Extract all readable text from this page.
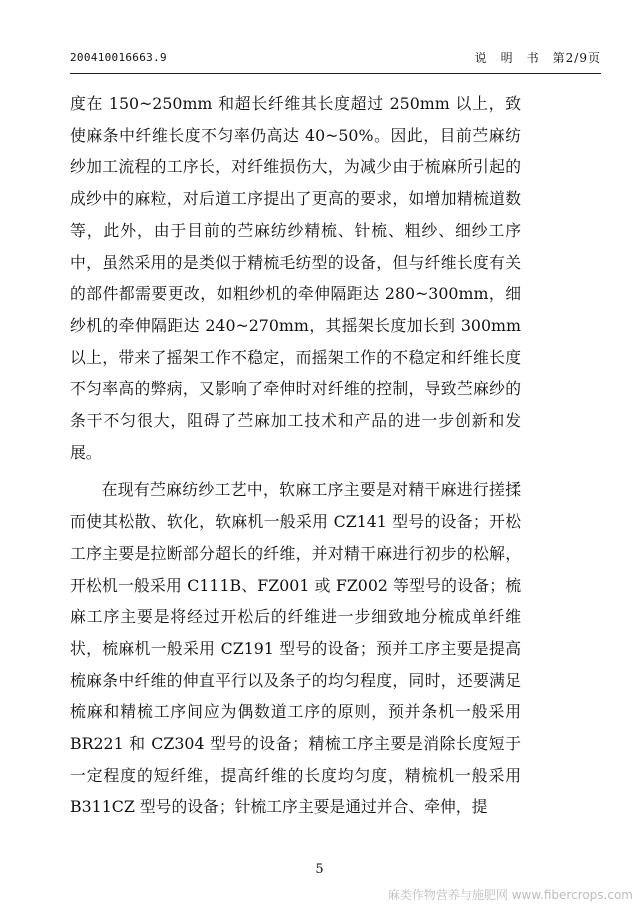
200410016663.9	说　明　书　第2/9页

度在 150~250mm 和超长纤维其长度超过 250mm 以上，致使麻条中纤维长度不匀率仍高达 40~50%。因此，目前苎麻纺纱加工流程的工序长，对纤维损伤大，为减少由于梳麻所引起的成纱中的麻粒，对后道工序提出了更高的要求，如增加精梳道数等，此外，由于目前的苎麻纺纱精梳、针梳、粗纱、细纱工序中，虽然采用的是类似于精梳毛纺型的设备，但与纤维长度有关的部件都需要更改，如粗纱机的牵伸隔距达 280~300mm，细纱机的牵伸隔距达 240~270mm，其摇架长度加长到 300mm 以上，带来了摇架工作不稳定，而摇架工作的不稳定和纤维长度不匀率高的弊病，又影响了牵伸时对纤维的控制，导致苎麻纱的条干不匀很大，阻碍了苎麻加工技术和产品的进一步创新和发展。

在现有苎麻纺纱工艺中，软麻工序主要是对精干麻进行搓揉而使其松散、软化，软麻机一般采用 CZ141 型号的设备；开松工序主要是拉断部分超长的纤维，并对精干麻进行初步的松解，开松机一般采用 C111B、FZ001 或 FZ002 等型号的设备；梳麻工序主要是将经过开松后的纤维进一步细致地分梳成单纤维状，梳麻机一般采用 CZ191 型号的设备；预并工序主要是提高梳麻条中纤维的伸直平行以及条子的均匀程度，同时，还要满足梳麻和精梳工序间应为偶数道工序的原则，预并条机一般采用 BR221 和 CZ304 型号的设备；精梳工序主要是消除长度短于一定程度的短纤维，提高纤维的长度均匀度，精梳机一般采用 B311CZ 型号的设备；针梳工序主要是通过并合、牵伸，提

5
麻类作物营养与施肥网 www.fibercrops.com
